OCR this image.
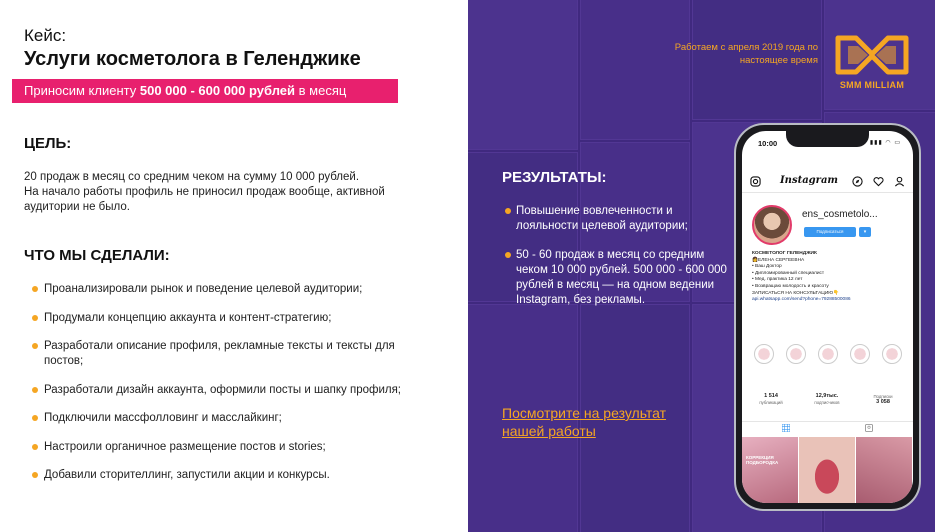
Кейс:
Услуги косметолога в Геленджике
Приносим клиенту 500 000 - 600 000 рублей в месяц
ЦЕЛЬ:
20 продаж в месяц со средним чеком на сумму 10 000 рублей.
На начало работы профиль не приносил продаж вообще, активной аудитории не было.
ЧТО МЫ СДЕЛАЛИ:
Проанализировали рынок и поведение целевой аудитории;
Продумали концепцию аккаунта и контент-стратегию;
Разработали описание профиля, рекламные тексты и тексты для постов;
Разработали дизайн аккаунта, оформили посты и шапку профиля;
Подключили массфолловинг и масслайкинг;
Настроили органичное размещение постов и stories;
Добавили сторителлинг, запустили акции и конкурсы.
Работаем с апреля 2019 года по настоящее время
SMM MILLIAM
РЕЗУЛЬТАТЫ:
Повышение вовлеченности и лояльности целевой аудитории;
50 - 60 продаж в месяц со средним чеком 10 000 рублей. 500 000 - 600 000 рублей в месяц — на одном ведении Instagram, без рекламы.
Посмотрите на результат нашей работы
10:00	▮▮▮ ◠ ▭
Instagram
ens_cosmetolo...
Подписаться	▾
КОСМЕТОЛОГ ГЕЛЕНДЖИК
👩ЕЛЕНА СЕРГЕЕВНА
• Ваш Доктор
• Дипломированный специалист
• Мед. практика 12 лет
• Возвращаю молодость и красоту
ЗАПИСАТЬСЯ НА КОНСУЛЬТАЦИЮ👇
api.whatsapp.com/send?phone=79288500086
1 514
публикаций
12,9тыс.
подписчиков
Подписки
3 058
КОРРЕКЦИЯ ПОДБОРОДКА
